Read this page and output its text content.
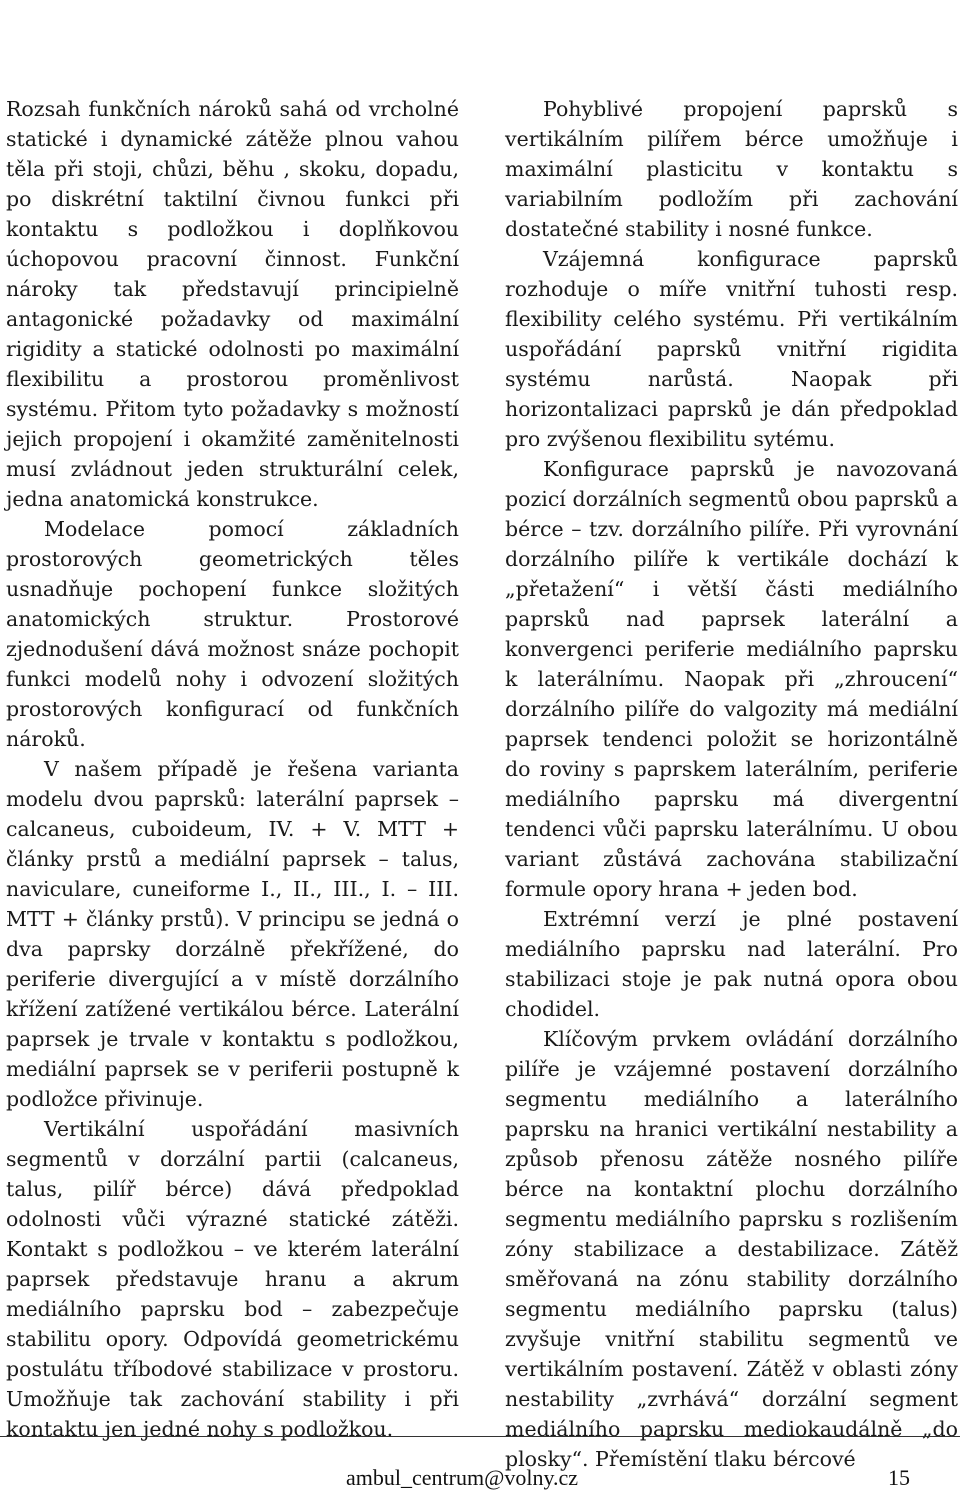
Rozsah funkčních nároků sahá od vrcholné statické i dynamické zátěže plnou vahou těla při stoji, chůzi, běhu , skoku, dopadu, po diskrétní taktilní čivnou funkci při kontaktu s podložkou i doplňkovou úchopovou pracovní činnost. Funkční nároky tak představují principielně antagonické požadavky od maximální rigidity a statické odolnosti po maximální flexibilitu a prostorou proměnlivost systému. Přitom tyto požadavky s možností jejich propojení i okamžité zaměnitelnosti musí zvládnout jeden strukturální celek, jedna anatomická konstrukce.

Modelace pomocí základních prostorových geometrických těles usnadňuje pochopení funkce složitých anatomických struktur. Prostorové zjednodušení dává možnost snáze pochopit funkci modelů nohy i odvození složitých prostorových konfigurací od funkčních nároků.

V našem případě je řešena varianta modelu dvou paprsků: laterální paprsek – calcaneus, cuboideum, IV. + V. MTT + články prstů a mediální paprsek – talus, naviculare, cuneiforme I., II., III., I. – III. MTT + články prstů). V principu se jedná o dva paprsky dorzálně překřížené, do periferie divergující a v místě dorzálního křížení zatížené vertikálou bérce. Laterální paprsek je trvale v kontaktu s podložkou, mediální paprsek se v periferii postupně k podložce přivinuje.

Vertikální uspořádání masivních segmentů v dorzální partii (calcaneus, talus, pilíř bérce) dává předpoklad odolnosti vůči výrazné statické zátěži. Kontakt s podložkou – ve kterém laterální paprsek představuje hranu a akrum mediálního paprsku bod – zabezpečuje stabilitu opory. Odpovídá geometrickému postulátu tříbodové stabilizace v prostoru. Umožňuje tak zachování stability i při kontaktu jen jedné nohy s podložkou.

Pohyblivé propojení paprsků s vertikálním pilířem bérce umožňuje i maximální plasticitu v kontaktu s variabilním podložím při zachování dostatečné stability i nosné funkce.

Vzájemná konfigurace paprsků rozhoduje o míře vnitřní tuhosti resp. flexibility celého systému. Při vertikálním uspořádání paprsků vnitřní rigidita systému narůstá. Naopak při horizontalizaci paprsků je dán předpoklad pro zvýšenou flexibilitu sytému.

Konfigurace paprsků je navozovaná pozicí dorzálních segmentů obou paprsků a bérce – tzv. dorzálního pilíře. Při vyrovnání dorzálního pilíře k vertikále dochází k „přetažení“ i větší části mediálního paprsků nad paprsek laterální a konvergenci periferie mediálního paprsku k laterálnímu. Naopak při „zhroucení“ dorzálního pilíře do valgozity má mediální paprsek tendenci položit se horizontálně do roviny s paprskem laterálním, periferie mediálního paprsku má divergentní tendenci vůči paprsku laterálnímu. U obou variant zůstává zachována stabilizační formule opory hrana + jeden bod.

Extrémní verzí je plné postavení mediálního paprsku nad laterální. Pro stabilizaci stoje je pak nutná opora obou chodidel.

Klíčovým prvkem ovládání dorzálního pilíře je vzájemné postavení dorzálního segmentu mediálního a laterálního paprsku na hranici vertikální nestability a způsob přenosu zátěže nosného pilíře bérce na kontaktní plochu dorzálního segmentu mediálního paprsku s rozlišením zóny stabilizace a destabilizace. Zátěž směřovaná na zónu stability dorzálního segmentu mediálního paprsku (talus) zvyšuje vnitřní stabilitu segmentů ve vertikálním postavení. Zátěž v oblasti zóny nestability „zvrhává“ dorzální segment mediálního paprsku mediokaudálně „do plosky“. Přemístění tlaku bércové

ambul_centrum@volny.cz	15
